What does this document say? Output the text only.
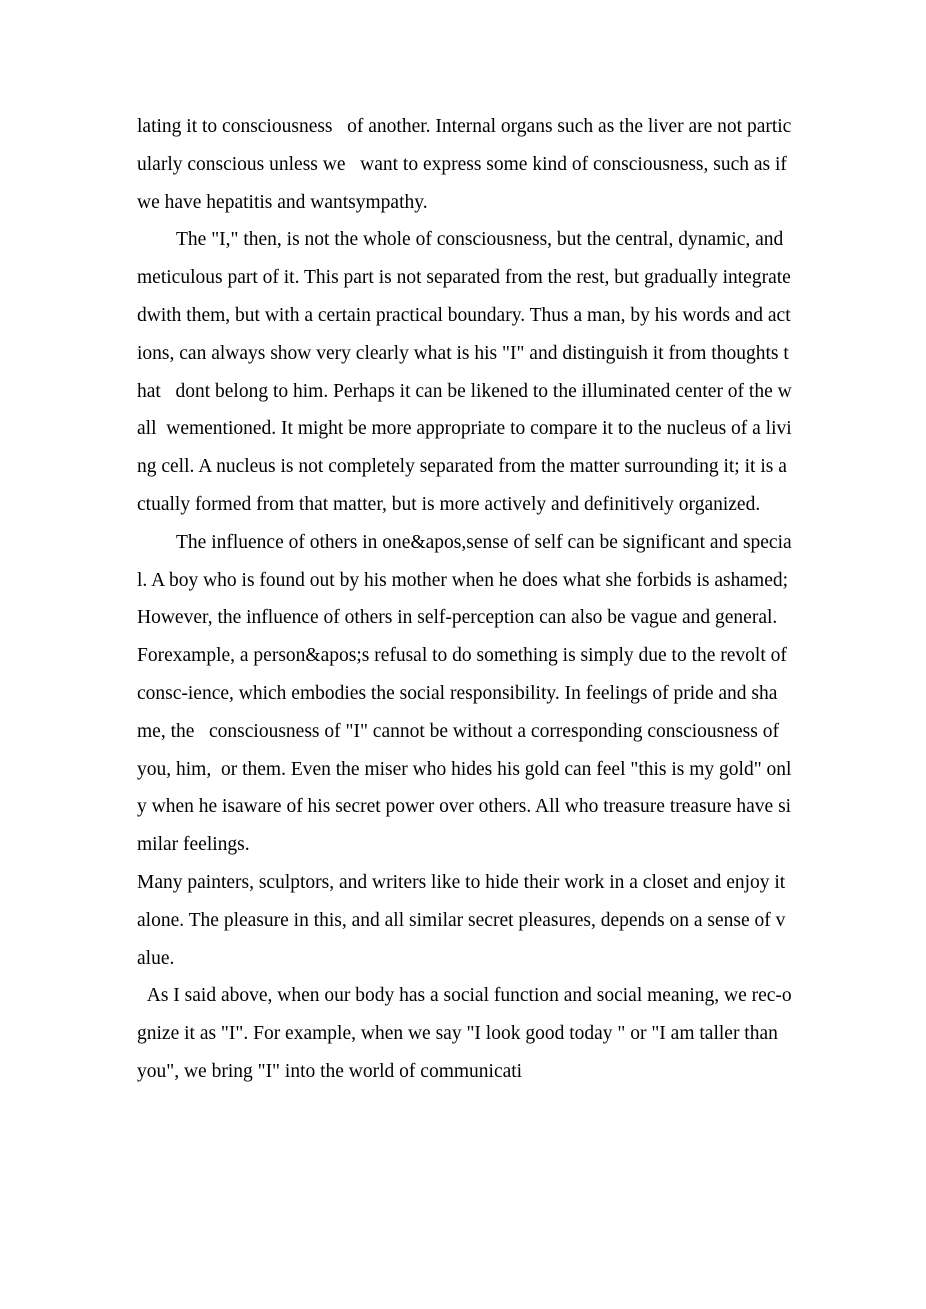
lating it to consciousness   of another. Internal organs such as the liver are not particularly conscious unless we   want to express some kind of consciousness, such as if we have hepatitis and wantsympathy.

The "I," then, is not the whole of consciousness, but the central, dynamic, and   meticulous part of it. This part is not separated from the rest, but gradually integratedwith them, but with a certain practical boundary. Thus a man, by his words and actions, can always show very clearly what is his "I" and distinguish it from thoughts that   dont belong to him. Perhaps it can be likened to the illuminated center of the wall  wementioned. It might be more appropriate to compare it to the nucleus of a living cell. A nucleus is not completely separated from the matter surrounding it; it is actually formed from that matter, but is more actively and definitively organized.

The influence of others in one&apos,sense of self can be significant and special. A boy who is found out by his mother when he does what she forbids is ashamed;     However, the influence of others in self-perception can also be vague and general. Forexample, a person&apos;s refusal to do something is simply due to the revolt of consc-ience, which embodies the social responsibility. In feelings of pride and shame, the   consciousness of "I" cannot be without a corresponding consciousness of you, him,  or them. Even the miser who hides his gold can feel "this is my gold" only when he isaware of his secret power over others. All who treasure treasure have similar feelings.

Many painters, sculptors, and writers like to hide their work in a closet and enjoy it alone. The pleasure in this, and all similar secret pleasures, depends on a sense of value.

As I said above, when our body has a social function and social meaning, we rec-ognize it as "I". For example, when we say "I look good today " or "I am taller than    you", we bring "I" into the world of communicati
